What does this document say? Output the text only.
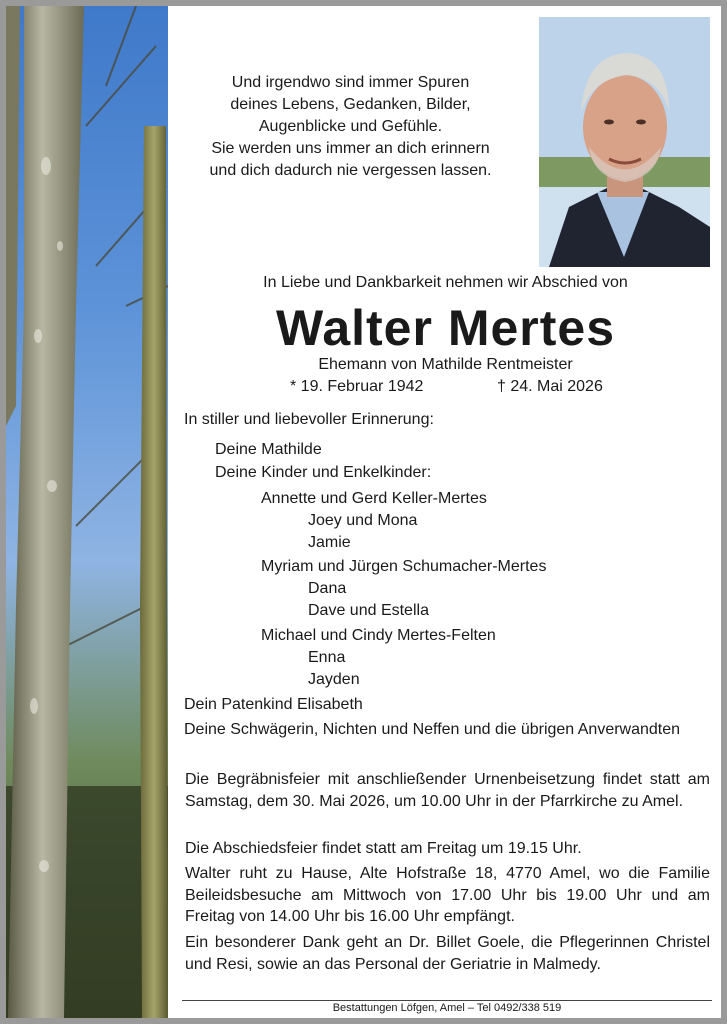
Und irgendwo sind immer Spuren
deines Lebens, Gedanken, Bilder,
Augenblicke und Gefühle.
Sie werden uns immer an dich erinnern
und dich dadurch nie vergessen lassen.
In Liebe und Dankbarkeit nehmen wir Abschied von
Walter Mertes
Ehemann von Mathilde Rentmeister
* 19. Februar 1942	† 24. Mai 2026
In stiller und liebevoller Erinnerung:
Deine Mathilde
Deine Kinder und Enkelkinder:
Annette und Gerd Keller-Mertes
Joey und Mona
Jamie
Myriam und Jürgen Schumacher-Mertes
Dana
Dave und Estella
Michael und Cindy Mertes-Felten
Enna
Jayden
Dein Patenkind Elisabeth
Deine Schwägerin, Nichten und Neffen und die übrigen Anverwandten
Die Begräbnisfeier mit anschließender Urnenbeisetzung findet statt am Samstag, dem 30. Mai 2026, um 10.00 Uhr in der Pfarrkirche zu Amel.
Die Abschiedsfeier findet statt am Freitag um 19.15 Uhr.
Walter ruht zu Hause, Alte Hofstraße 18, 4770 Amel, wo die Familie Beileidsbesuche am Mittwoch von 17.00 Uhr bis 19.00 Uhr und am Freitag von 14.00 Uhr bis 16.00 Uhr empfängt.
Ein besonderer Dank geht an Dr. Billet Goele, die Pflegerinnen Christel und Resi, sowie an das Personal der Geriatrie in Malmedy.
Bestattungen Löfgen, Amel – Tel 0492/338 519
